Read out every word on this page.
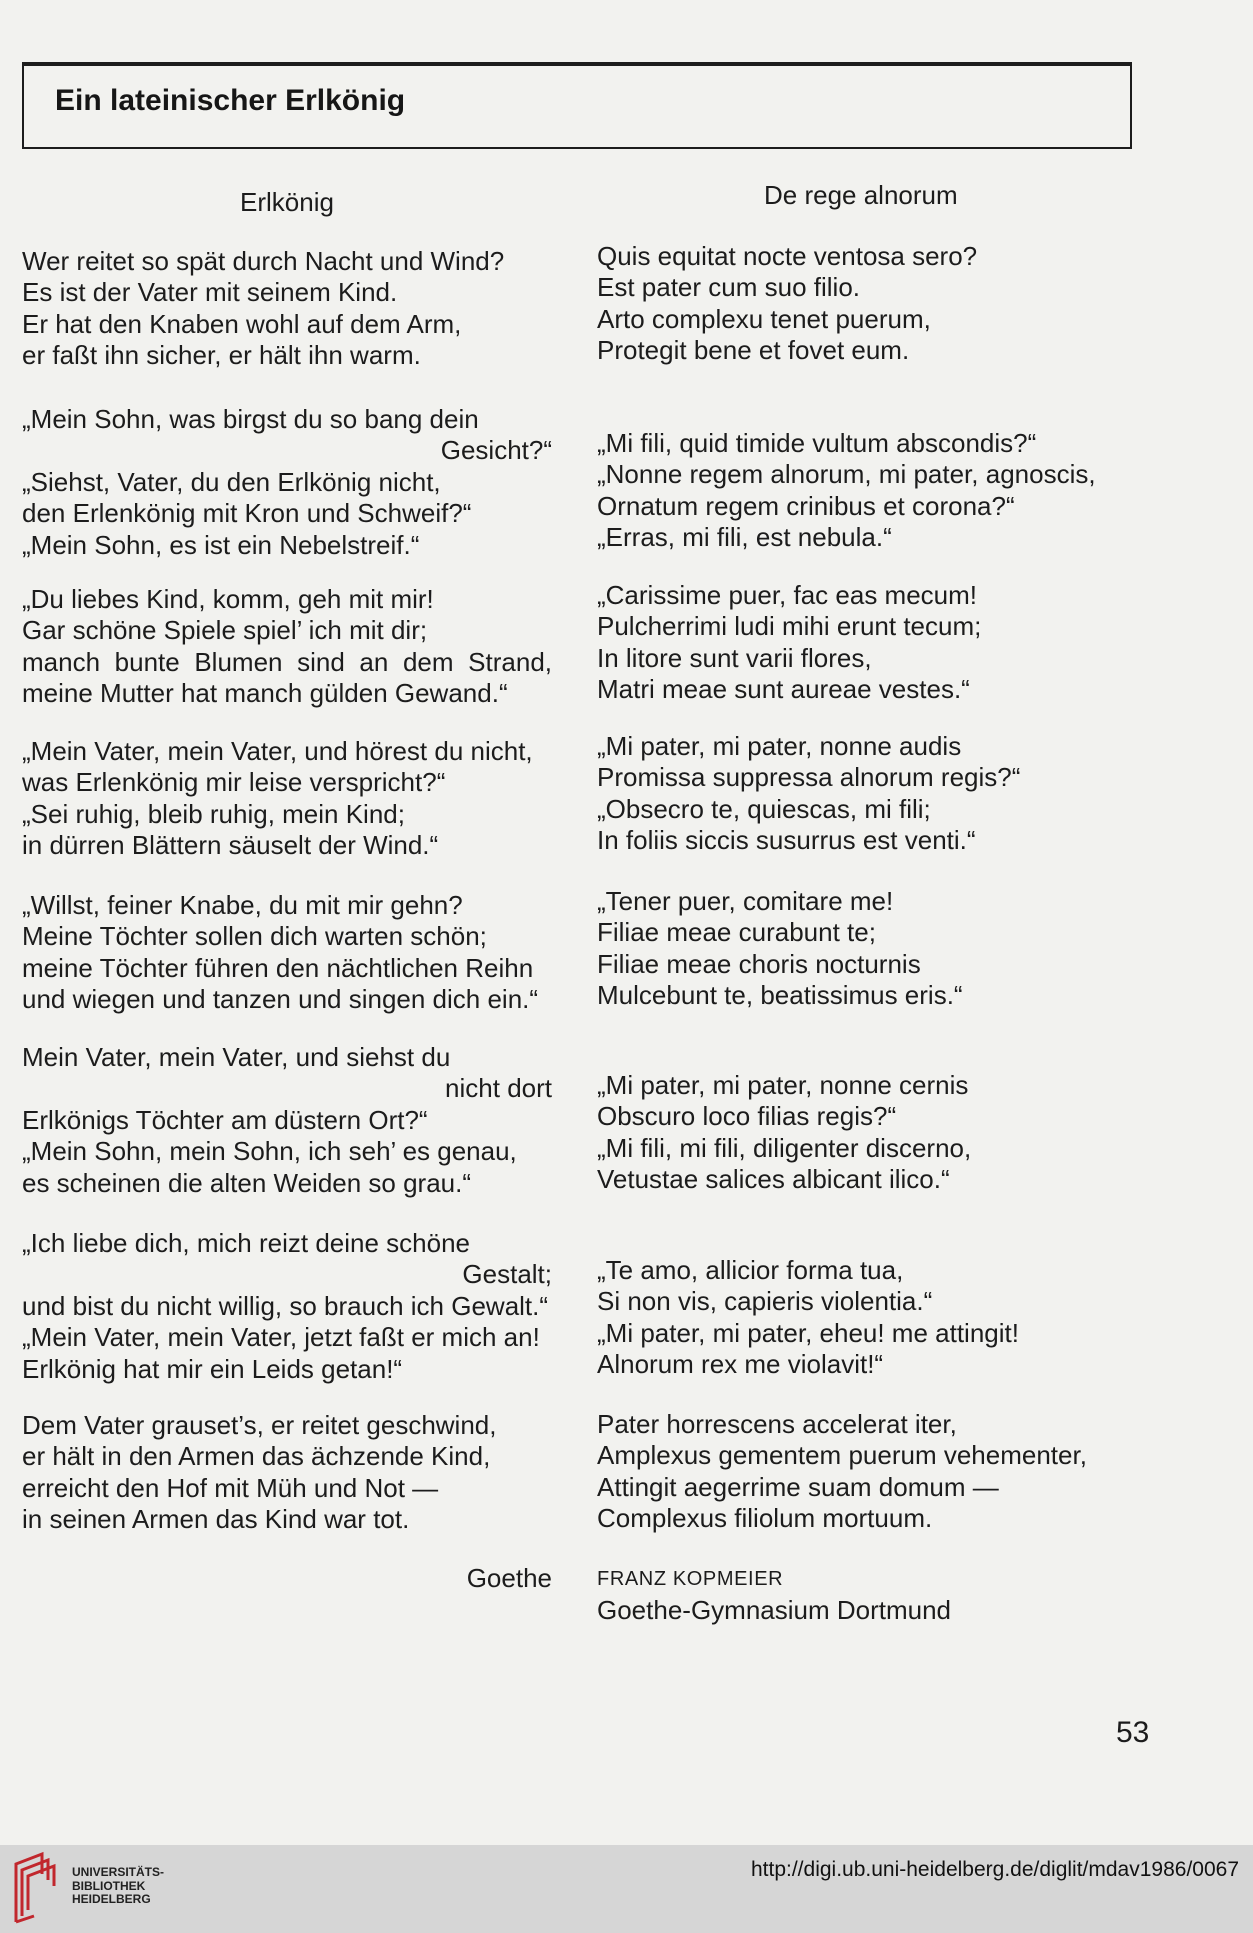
Ein lateinischer Erlkönig
Erlkönig	De rege alnorum
Wer reitet so spät durch Nacht und Wind?
Es ist der Vater mit seinem Kind.
Er hat den Knaben wohl auf dem Arm,
er faßt ihn sicher, er hält ihn warm.
„Mein Sohn, was birgst du so bang dein
Gesicht?“
„Siehst, Vater, du den Erlkönig nicht,
den Erlenkönig mit Kron und Schweif?“
„Mein Sohn, es ist ein Nebelstreif.“
„Du liebes Kind, komm, geh mit mir!
Gar schöne Spiele spiel’ ich mit dir;
manch bunte Blumen sind an dem Strand,
meine Mutter hat manch gülden Gewand.“
„Mein Vater, mein Vater, und hörest du nicht,
was Erlenkönig mir leise verspricht?“
„Sei ruhig, bleib ruhig, mein Kind;
in dürren Blättern säuselt der Wind.“
„Willst, feiner Knabe, du mit mir gehn?
Meine Töchter sollen dich warten schön;
meine Töchter führen den nächtlichen Reihn
und wiegen und tanzen und singen dich ein.“
Mein Vater, mein Vater, und siehst du
nicht dort
Erlkönigs Töchter am düstern Ort?“
„Mein Sohn, mein Sohn, ich seh’ es genau,
es scheinen die alten Weiden so grau.“
„Ich liebe dich, mich reizt deine schöne
Gestalt;
und bist du nicht willig, so brauch ich Gewalt.“
„Mein Vater, mein Vater, jetzt faßt er mich an!
Erlkönig hat mir ein Leids getan!“
Dem Vater grauset’s, er reitet geschwind,
er hält in den Armen das ächzende Kind,
erreicht den Hof mit Müh und Not —
in seinen Armen das Kind war tot.
Goethe
Quis equitat nocte ventosa sero?
Est pater cum suo filio.
Arto complexu tenet puerum,
Protegit bene et fovet eum.
„Mi fili, quid timide vultum abscondis?“
„Nonne regem alnorum, mi pater, agnoscis,
Ornatum regem crinibus et corona?“
„Erras, mi fili, est nebula.“
„Carissime puer, fac eas mecum!
Pulcherrimi ludi mihi erunt tecum;
In litore sunt varii flores,
Matri meae sunt aureae vestes.“
„Mi pater, mi pater, nonne audis
Promissa suppressa alnorum regis?“
„Obsecro te, quiescas, mi fili;
In foliis siccis susurrus est venti.“
„Tener puer, comitare me!
Filiae meae curabunt te;
Filiae meae choris nocturnis
Mulcebunt te, beatissimus eris.“
„Mi pater, mi pater, nonne cernis
Obscuro loco filias regis?“
„Mi fili, mi fili, diligenter discerno,
Vetustae salices albicant ilico.“
„Te amo, allicior forma tua,
Si non vis, capieris violentia.“
„Mi pater, mi pater, eheu! me attingit!
Alnorum rex me violavit!“
Pater horrescens accelerat iter,
Amplexus gementem puerum vehementer,
Attingit aegerrime suam domum —
Complexus filiolum mortuum.
FRANZ KOPMEIER
Goethe-Gymnasium Dortmund
53
UNIVERSITÄTS-
BIBLIOTHEK
HEIDELBERG
http://digi.ub.uni-heidelberg.de/diglit/mdav1986/0067
